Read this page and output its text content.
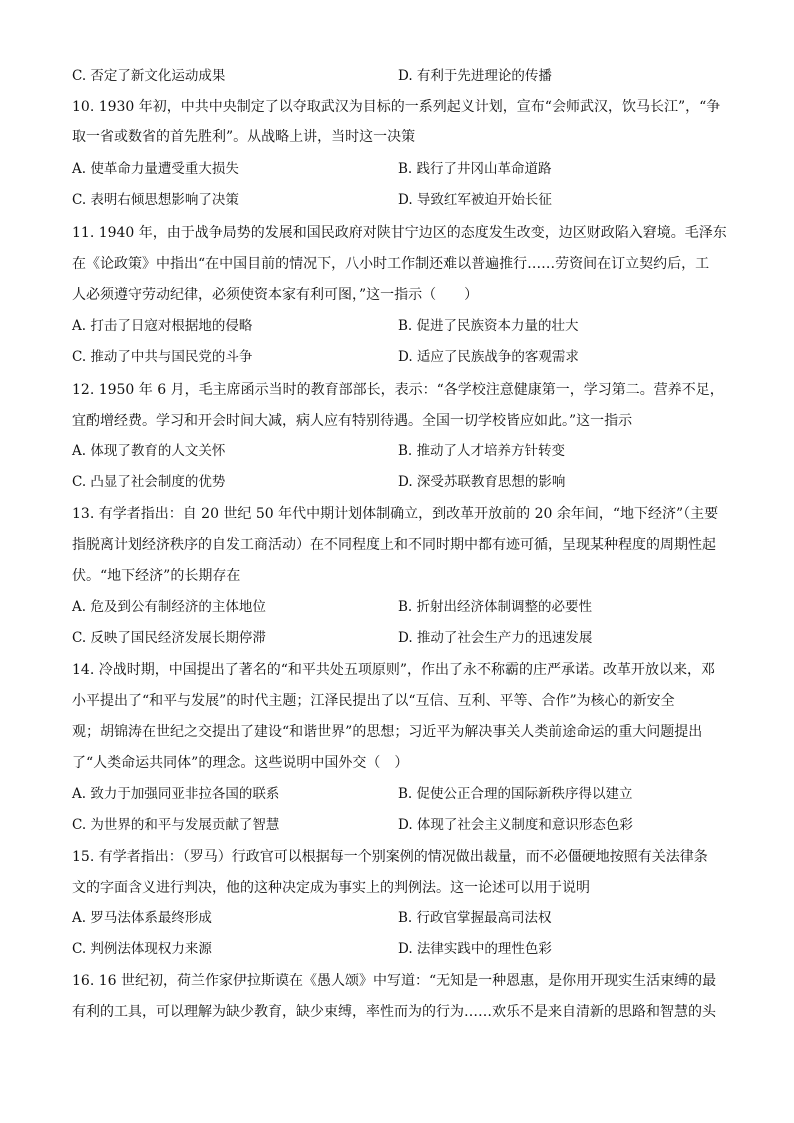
C. 否定了新文化运动成果	D. 有利于先进理论的传播
10. 1930 年初，中共中央制定了以夺取武汉为目标的一系列起义计划，宣布“会师武汉，饮马长江”，“争
取一省或数省的首先胜利”。从战略上讲，当时这一决策
A. 使革命力量遭受重大损失	B. 践行了井冈山革命道路
C. 表明右倾思想影响了决策	D. 导致红军被迫开始长征
11. 1940 年，由于战争局势的发展和国民政府对陕甘宁边区的态度发生改变，边区财政陷入窘境。毛泽东
在《论政策》中指出“在中国目前的情况下，八小时工作制还难以普遍推行……劳资间在订立契约后，工
人必须遵守劳动纪律，必须使资本家有利可图，”这一指示（　　）
A. 打击了日寇对根据地的侵略	B. 促进了民族资本力量的壮大
C. 推动了中共与国民党的斗争	D. 适应了民族战争的客观需求
12. 1950 年 6 月，毛主席函示当时的教育部部长，表示：“各学校注意健康第一，学习第二。营养不足，
宜酌增经费。学习和开会时间大减，病人应有特别待遇。全国一切学校皆应如此。”这一指示
A. 体现了教育的人文关怀	B. 推动了人才培养方针转变
C. 凸显了社会制度的优势	D. 深受苏联教育思想的影响
13. 有学者指出：自 20 世纪 50 年代中期计划体制确立，到改革开放前的 20 余年间，“地下经济”（主要
指脱离计划经济秩序的自发工商活动）在不同程度上和不同时期中都有迹可循，呈现某种程度的周期性起
伏。“地下经济”的长期存在
A. 危及到公有制经济的主体地位	B. 折射出经济体制调整的必要性
C. 反映了国民经济发展长期停滞	D. 推动了社会生产力的迅速发展
14. 冷战时期，中国提出了著名的“和平共处五项原则”，作出了永不称霸的庄严承诺。改革开放以来，邓
小平提出了“和平与发展”的时代主题；江泽民提出了以“互信、互利、平等、合作”为核心的新安全
观；胡锦涛在世纪之交提出了建设“和谐世界”的思想；习近平为解决事关人类前途命运的重大问题提出
了“人类命运共同体”的理念。这些说明中国外交（　）
A. 致力于加强同亚非拉各国的联系	B. 促使公正合理的国际新秩序得以建立
C. 为世界的和平与发展贡献了智慧	D. 体现了社会主义制度和意识形态色彩
15. 有学者指出：（罗马）行政官可以根据每一个别案例的情况做出裁量，而不必僵硬地按照有关法律条
文的字面含义进行判决，他的这种决定成为事实上的判例法。这一论述可以用于说明
A. 罗马法体系最终形成	B. 行政官掌握最高司法权
C. 判例法体现权力来源	D. 法律实践中的理性色彩
16. 16 世纪初，荷兰作家伊拉斯谟在《愚人颂》中写道：“无知是一种恩惠，是你用开现实生活束缚的最
有利的工具，可以理解为缺少教育，缺少束缚，率性而为的行为……欢乐不是来自清新的思路和智慧的头
